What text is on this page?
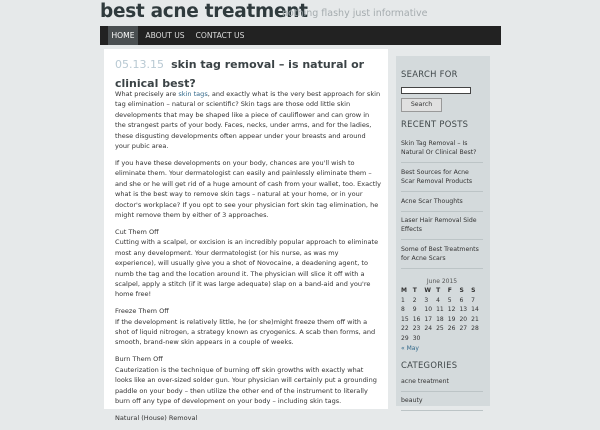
best acne treatment
nothing flashy just informative
HOME	ABOUT US	CONTACT US
05.13.15 skin tag removal – is natural or clinical best?

What precisely are skin tags, and exactly what is the very best approach for skin tag elimination – natural or scientific? Skin tags are those odd little skin developments that may be shaped like a piece of cauliflower and can grow in the strangest parts of your body. Faces, necks, under arms, and for the ladies, these disgusting developments often appear under your breasts and around your pubic area.

If you have these developments on your body, chances are you'll wish to eliminate them. Your dermatologist can easily and painlessly eliminate them – and she or he will get rid of a huge amount of cash from your wallet, too. Exactly what is the best way to remove skin tags – natural at your home, or in your doctor's workplace? If you opt to see your physician fort skin tag elimination, he might remove them by either of 3 approaches.

Cut Them Off
Cutting with a scalpel, or excision is an incredibly popular approach to eliminate most any development. Your dermatologist (or his nurse, as was my experience), will usually give you a shot of Novocaine, a deadening agent, to numb the tag and the location around it. The physician will slice it off with a scalpel, apply a stitch (if it was large adequate) slap on a band-aid and you're home free!

Freeze Them Off
If the development is relatively little, he (or she)might freeze them off with a shot of liquid nitrogen, a strategy known as cryogenics. A scab then forms, and smooth, brand-new skin appears in a couple of weeks.

Burn Them Off
Cauterization is the technique of burning off skin growths with exactly what looks like an over-sized solder gun. Your physician will certainly put a grounding paddle on your body – then utilize the other end of the instrument to literally burn off any type of development on your body – including skin tags.

Natural (House) Removal

SEARCH FOR
Search
RECENT POSTS
Skin Tag Removal – Is Natural Or Clinical Best?
Best Sources for Acne Scar Removal Products
Acne Scar Thoughts
Laser Hair Removal Side Effects
Some of Best Treatments for Acne Scars
June 2015
M T	W T	F	S	S
1	2	3	4	5	6	7
8	9	10 11 12 13 14
15 16 17 18 19 20 21
22 23 24 25 26 27 28
29 30
« May
CATEGORIES
acne treatment
beauty
